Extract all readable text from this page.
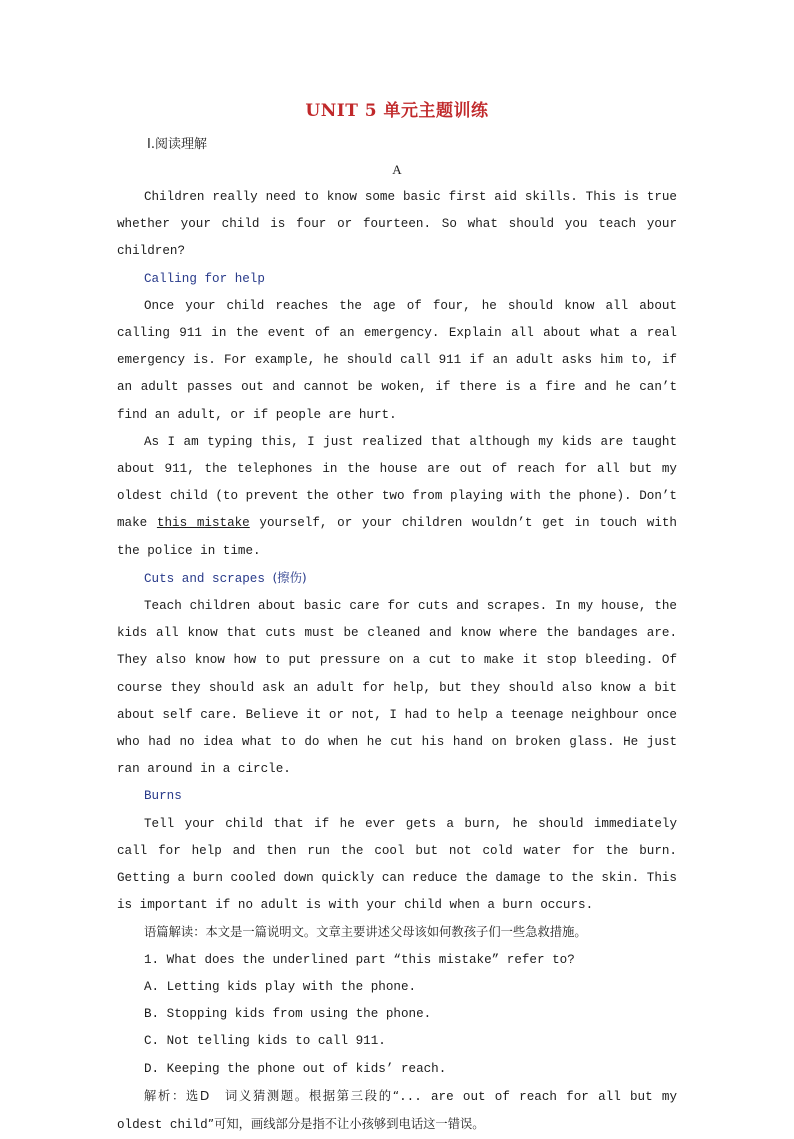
UNIT 5 单元主题训练
Ⅰ.阅读理解
A

Children really need to know some basic first aid skills. This is true whether your child is four or fourteen. So what should you teach your children?

Calling for help

Once your child reaches the age of four, he should know all about calling 911 in the event of an emergency. Explain all about what a real emergency is. For example, he should call 911 if an adult asks him to, if an adult passes out and cannot be woken, if there is a fire and he can’t find an adult, or if people are hurt.

As I am typing this, I just realized that although my kids are taught about 911, the telephones in the house are out of reach for all but my oldest child (to prevent the other two from playing with the phone). Don’t make this mistake yourself, or your children wouldn’t get in touch with the police in time.

Cuts and scrapes (擦伤)

Teach children about basic care for cuts and scrapes. In my house, the kids all know that cuts must be cleaned and know where the bandages are. They also know how to put pressure on a cut to make it stop bleeding. Of course they should ask an adult for help, but they should also know a bit about self care. Believe it or not, I had to help a teenage neighbour once who had no idea what to do when he cut his hand on broken glass. He just ran around in a circle.

Burns

Tell your child that if he ever gets a burn, he should immediately call for help and then run the cool but not cold water for the burn. Getting a burn cooled down quickly can reduce the damage to the skin. This is important if no adult is with your child when a burn occurs.

语篇解读：本文是一篇说明文。文章主要讲述父母该如何教孩子们一些急救措施。

1. What does the underlined part “this mistake” refer to?

A. Letting kids play with the phone.

B. Stopping kids from using the phone.

C. Not telling kids to call 911.

D. Keeping the phone out of kids’ reach.

解析：选D　词义猜测题。根据第三段的“... are out of reach for all but my oldest child”可知，画线部分是指不让小孩够到电话这一错误。
